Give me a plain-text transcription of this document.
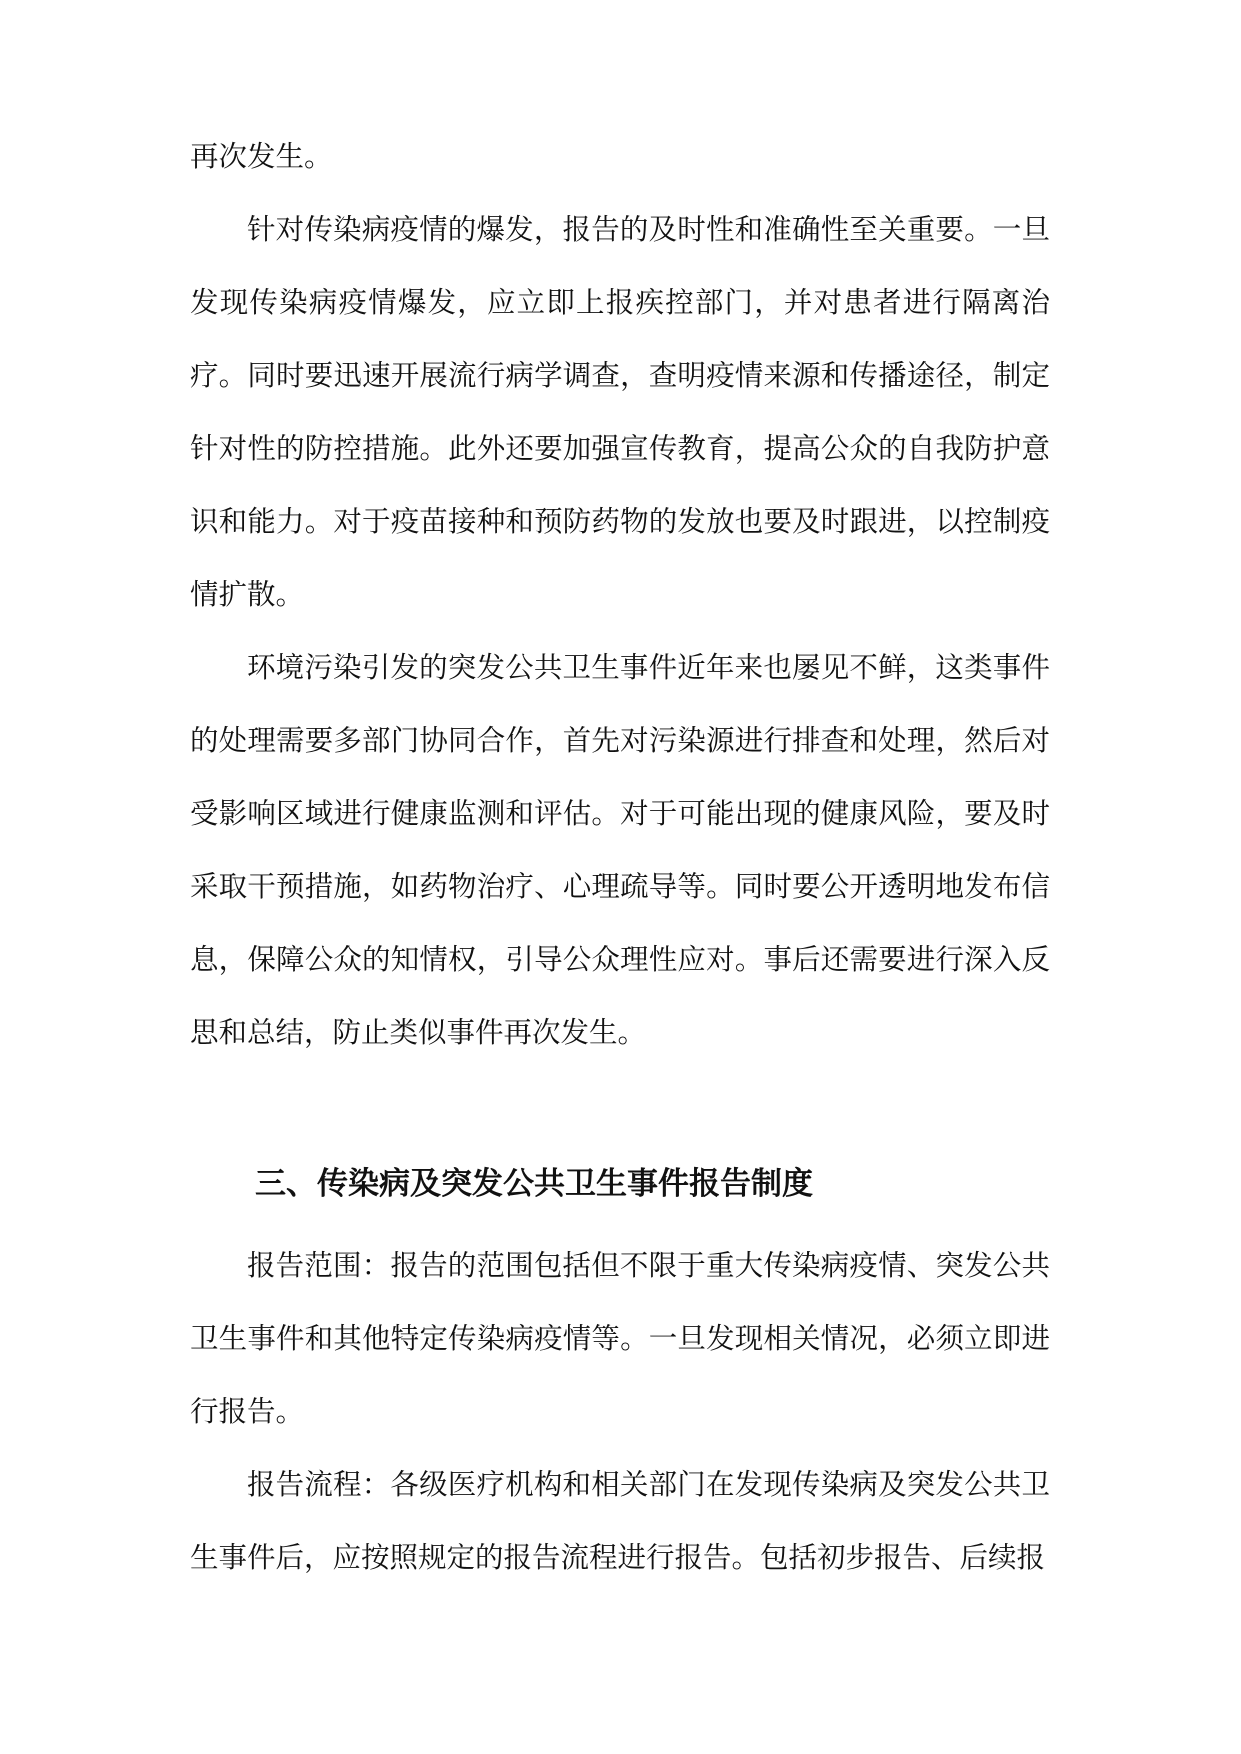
再次发生。

针对传染病疫情的爆发，报告的及时性和准确性至关重要。一旦发现传染病疫情爆发，应立即上报疾控部门，并对患者进行隔离治疗。同时要迅速开展流行病学调查，查明疫情来源和传播途径，制定针对性的防控措施。此外还要加强宣传教育，提高公众的自我防护意识和能力。对于疫苗接种和预防药物的发放也要及时跟进，以控制疫情扩散。

环境污染引发的突发公共卫生事件近年来也屡见不鲜，这类事件的处理需要多部门协同合作，首先对污染源进行排查和处理，然后对受影响区域进行健康监测和评估。对于可能出现的健康风险，要及时采取干预措施，如药物治疗、心理疏导等。同时要公开透明地发布信息，保障公众的知情权，引导公众理性应对。事后还需要进行深入反思和总结，防止类似事件再次发生。

三、传染病及突发公共卫生事件报告制度

报告范围：报告的范围包括但不限于重大传染病疫情、突发公共卫生事件和其他特定传染病疫情等。一旦发现相关情况，必须立即进行报告。

报告流程：各级医疗机构和相关部门在发现传染病及突发公共卫生事件后，应按照规定的报告流程进行报告。包括初步报告、后续报
